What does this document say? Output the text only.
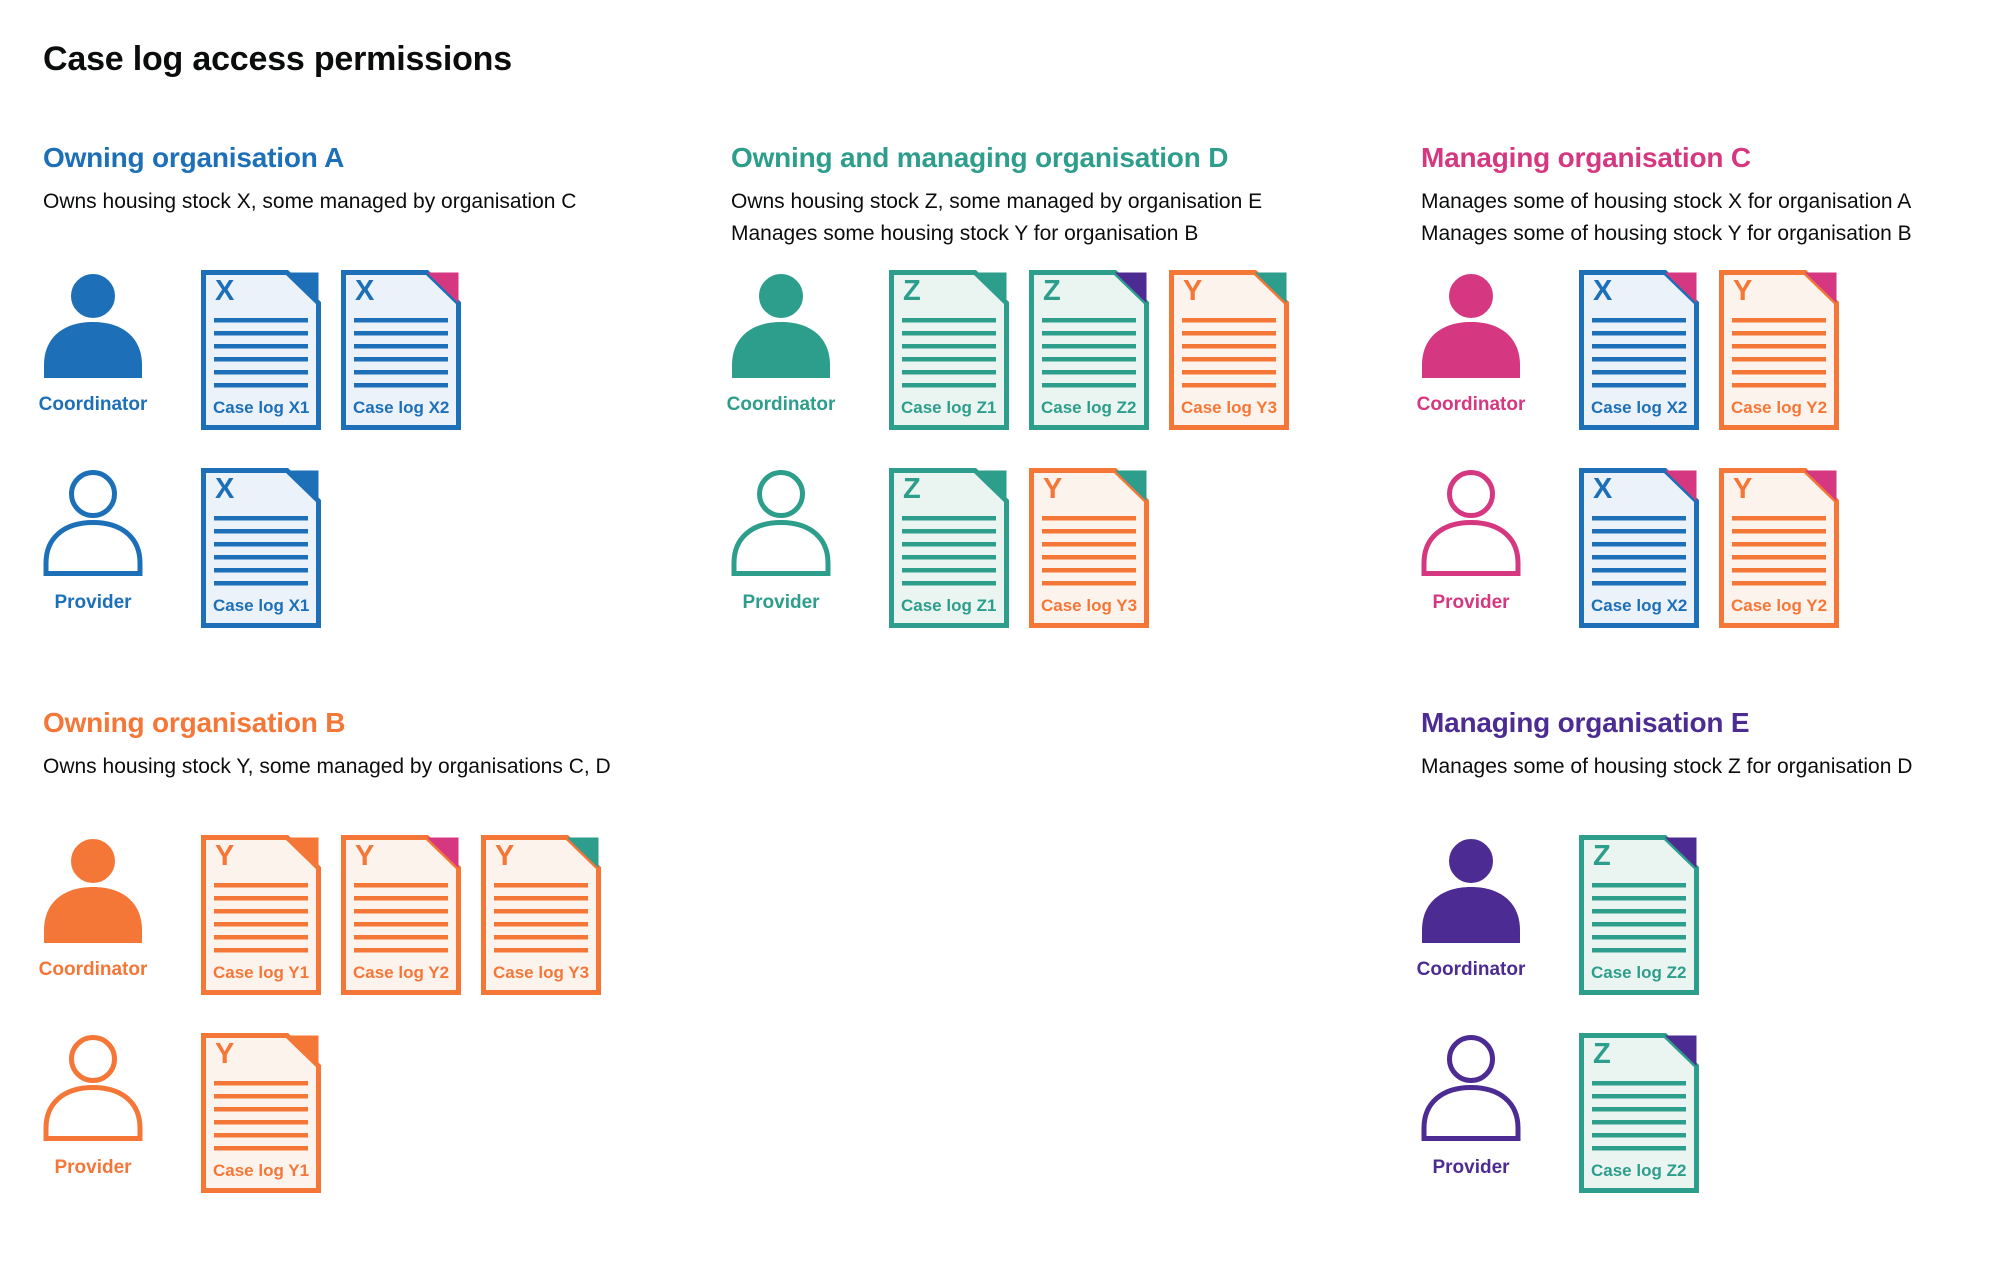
Case log access permissions
Owning organisation A
Owns housing stock X, some managed by organisation C
Coordinator
X
Case log X1
X
Case log X2
Provider
X
Case log X1
Owning and managing organisation D
Owns housing stock Z, some managed by organisation E
Manages some housing stock Y for organisation B
Coordinator
Z
Case log Z1
Z
Case log Z2
Y
Case log Y3
Provider
Z
Case log Z1
Y
Case log Y3
Managing organisation C
Manages some of housing stock X for organisation A
Manages some of housing stock Y for organisation B
Coordinator
X
Case log X2
Y
Case log Y2
Provider
X
Case log X2
Y
Case log Y2
Owning organisation B
Owns housing stock Y, some managed by organisations C, D
Coordinator
Y
Case log Y1
Y
Case log Y2
Y
Case log Y3
Provider
Y
Case log Y1
Managing organisation E
Manages some of housing stock Z for organisation D
Coordinator
Z
Case log Z2
Provider
Z
Case log Z2
